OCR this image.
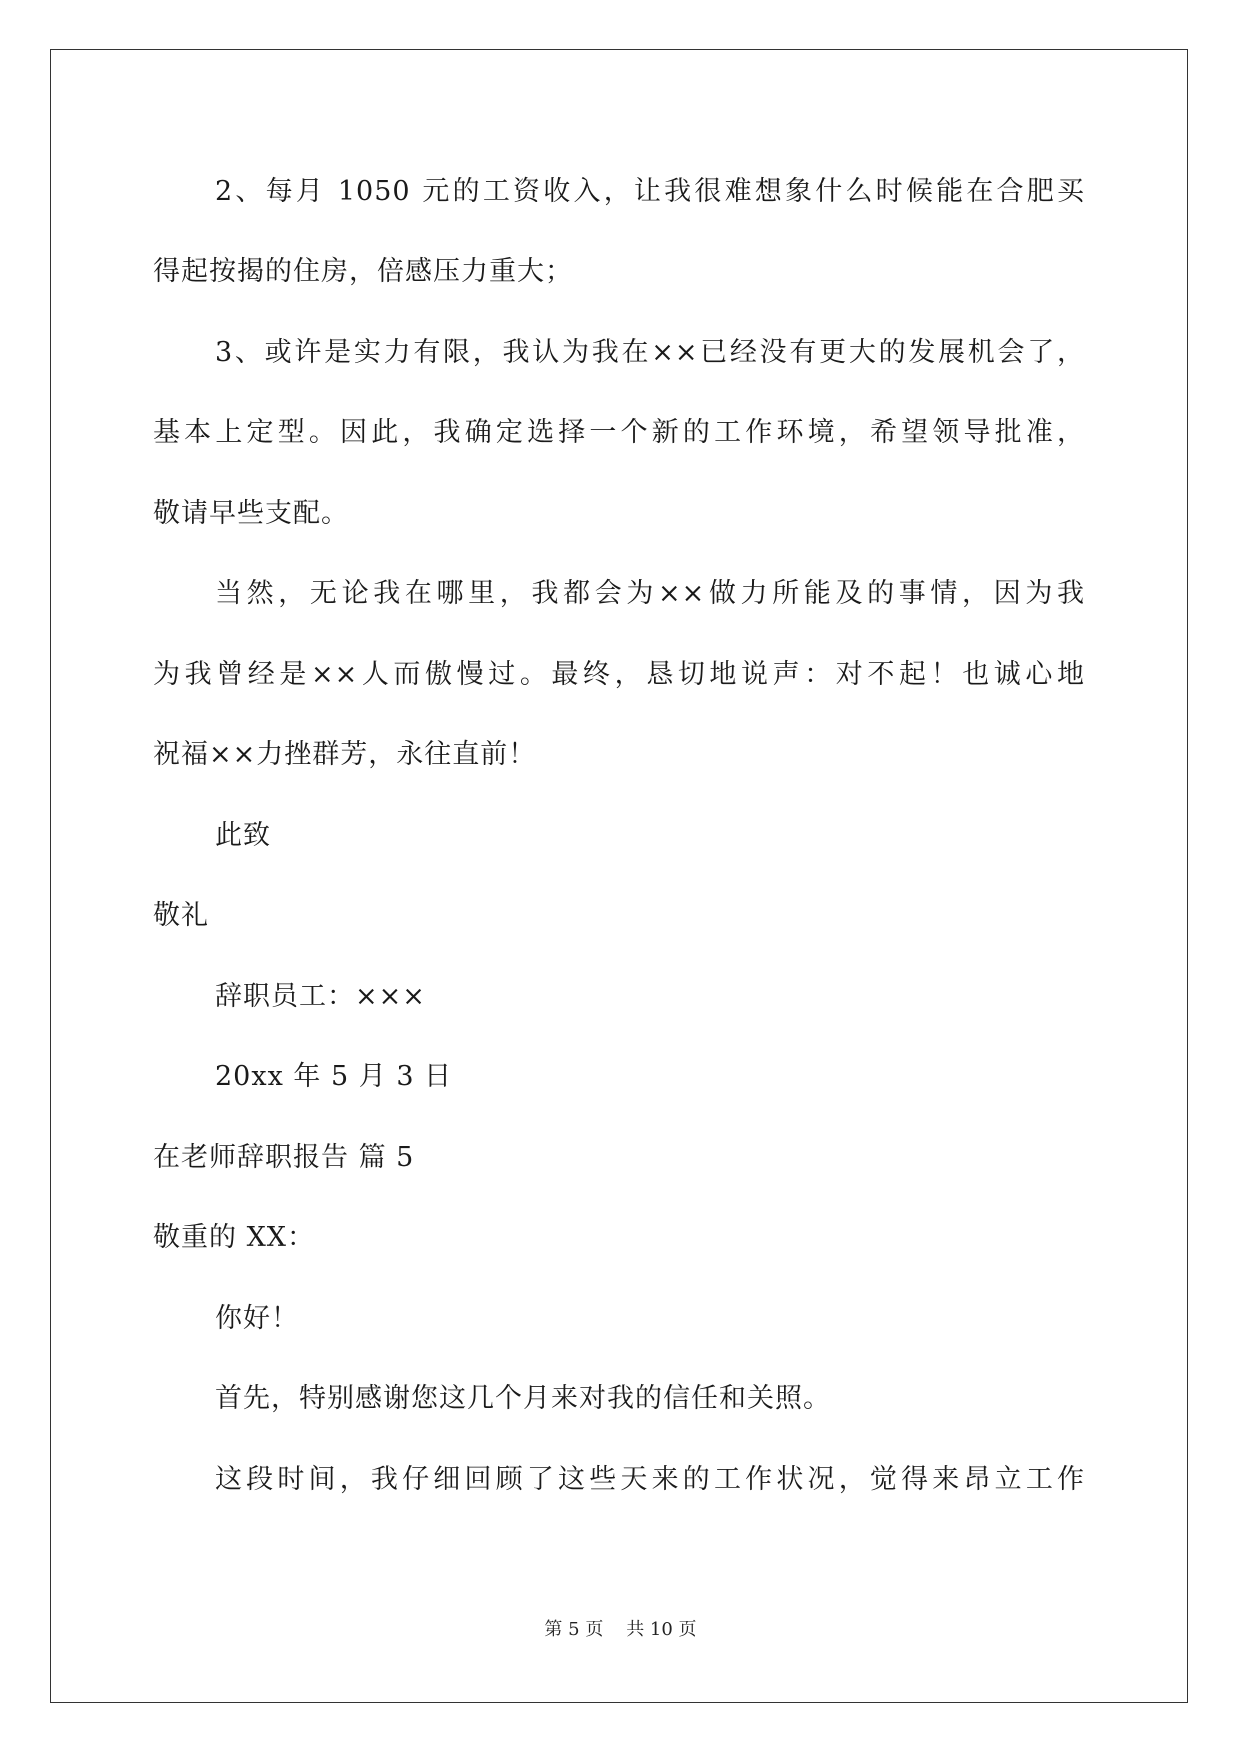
2、每月 1050 元的工资收入，让我很难想象什么时候能在合肥买
得起按揭的住房，倍感压力重大；
3、或许是实力有限，我认为我在××已经没有更大的发展机会了，
基本上定型。因此，我确定选择一个新的工作环境，希望领导批准，
敬请早些支配。
当然，无论我在哪里，我都会为××做力所能及的事情，因为我
为我曾经是××人而傲慢过。最终，恳切地说声：对不起！也诚心地
祝福××力挫群芳，永往直前！
此致
敬礼
辞职员工：×××
20xx 年 5 月 3 日
在老师辞职报告 篇 5
敬重的 XX：
你好！
首先，特别感谢您这几个月来对我的信任和关照。
这段时间，我仔细回顾了这些天来的工作状况，觉得来昂立工作
第 5 页    共 10 页
